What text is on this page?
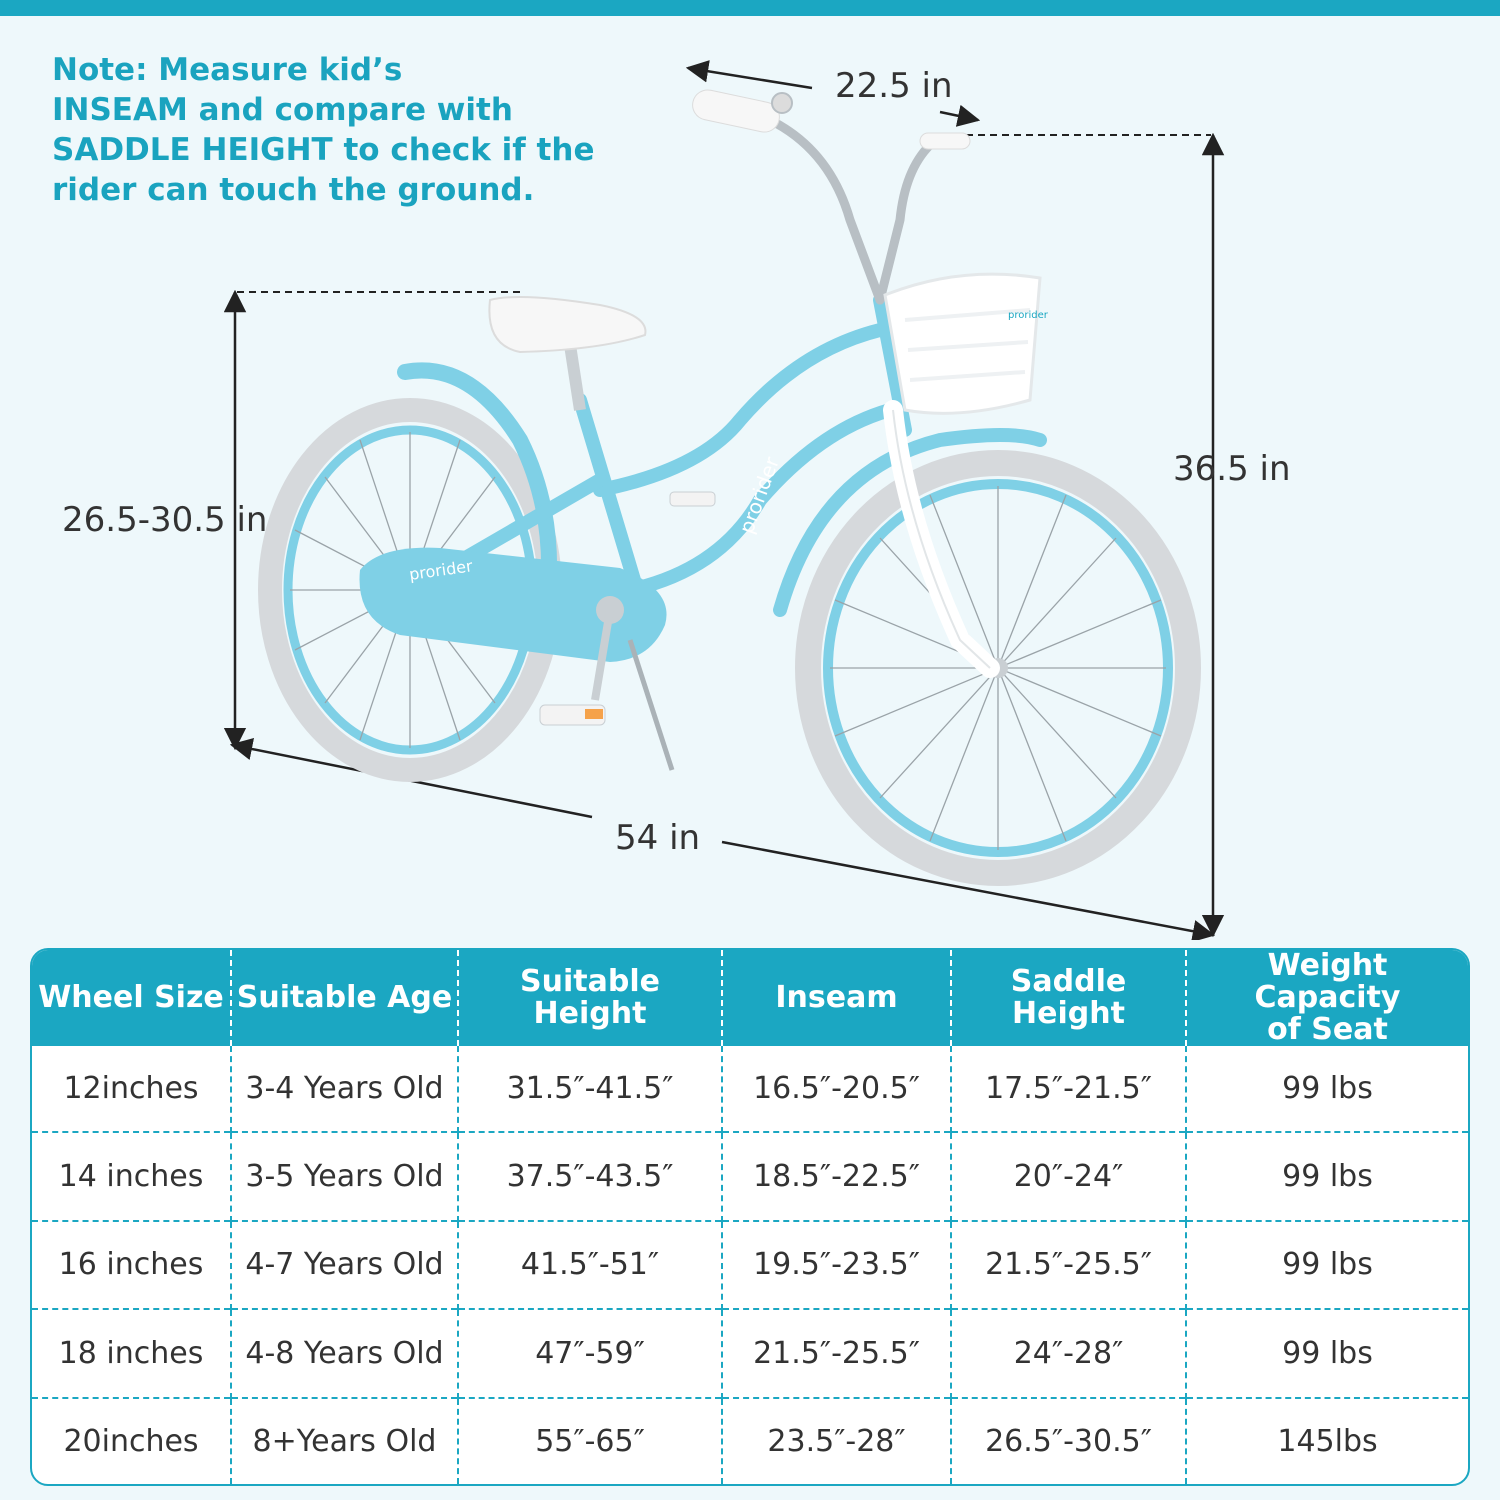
Note: Measure kid’s
INSEAM and compare with
SADDLE HEIGHT to check if the
rider can touch the ground.
prorider
prorider
prorider
22.5 in
36.5 in
26.5-30.5 in
54 in
Wheel Size	Suitable Age	Suitable Height	Inseam	Saddle Height	Weight Capacity
of Seat
12inches	3-4 Years Old	31.5″-41.5″	16.5″-20.5″	17.5″-21.5″	99 lbs
14 inches	3-5 Years Old	37.5″-43.5″	18.5″-22.5″	20″-24″	99 lbs
16 inches	4-7 Years Old	41.5″-51″	19.5″-23.5″	21.5″-25.5″	99 lbs
18 inches	4-8 Years Old	47″-59″	21.5″-25.5″	24″-28″	99 lbs
20inches	8+Years Old	55″-65″	23.5″-28″	26.5″-30.5″	145lbs
